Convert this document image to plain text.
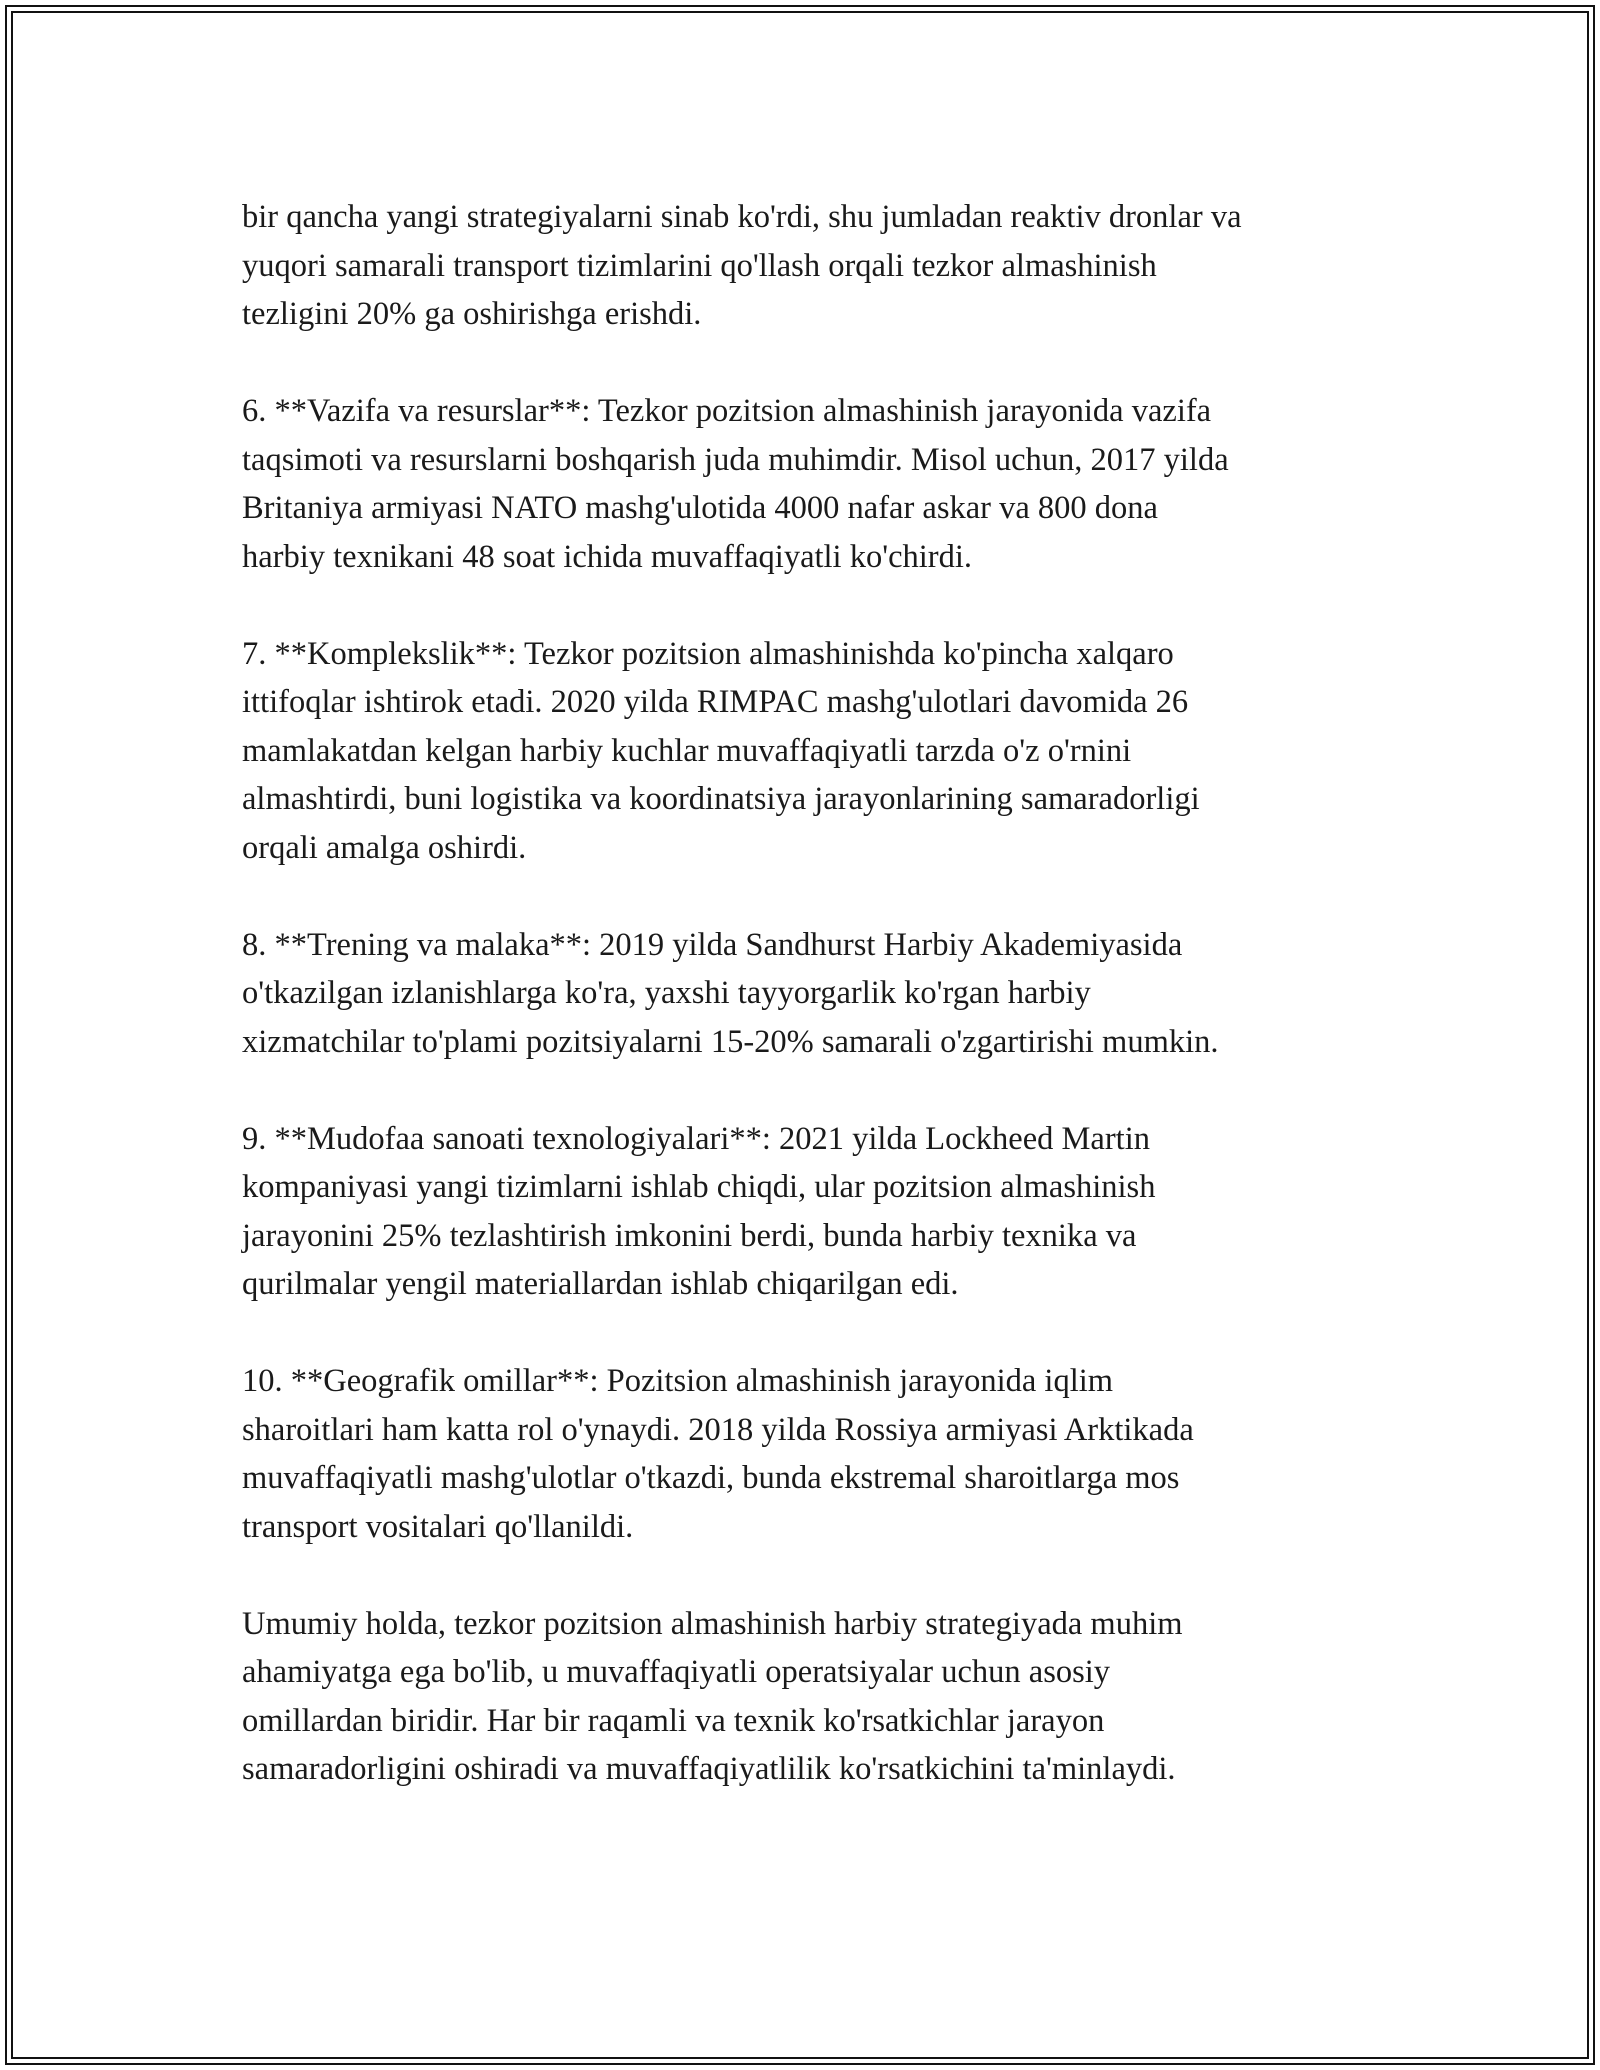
bir qancha yangi strategiyalarni sinab ko'rdi, shu jumladan reaktiv dronlar va
yuqori samarali transport tizimlarini qo'llash orqali tezkor almashinish
tezligini 20% ga oshirishga erishdi.

6. **Vazifa va resurslar**: Tezkor pozitsion almashinish jarayonida vazifa
taqsimoti va resurslarni boshqarish juda muhimdir. Misol uchun, 2017 yilda
Britaniya armiyasi NATO mashg'ulotida 4000 nafar askar va 800 dona
harbiy texnikani 48 soat ichida muvaffaqiyatli ko'chirdi.

7. **Komplekslik**: Tezkor pozitsion almashinishda ko'pincha xalqaro
ittifoqlar ishtirok etadi. 2020 yilda RIMPAC mashg'ulotlari davomida 26
mamlakatdan kelgan harbiy kuchlar muvaffaqiyatli tarzda o'z o'rnini
almashtirdi, buni logistika va koordinatsiya jarayonlarining samaradorligi
orqali amalga oshirdi.

8. **Trening va malaka**: 2019 yilda Sandhurst Harbiy Akademiyasida
o'tkazilgan izlanishlarga ko'ra, yaxshi tayyorgarlik ko'rgan harbiy
xizmatchilar to'plami pozitsiyalarni 15-20% samarali o'zgartirishi mumkin.

9. **Mudofaa sanoati texnologiyalari**: 2021 yilda Lockheed Martin
kompaniyasi yangi tizimlarni ishlab chiqdi, ular pozitsion almashinish
jarayonini 25% tezlashtirish imkonini berdi, bunda harbiy texnika va
qurilmalar yengil materiallardan ishlab chiqarilgan edi.

10. **Geografik omillar**: Pozitsion almashinish jarayonida iqlim
sharoitlari ham katta rol o'ynaydi. 2018 yilda Rossiya armiyasi Arktikada
muvaffaqiyatli mashg'ulotlar o'tkazdi, bunda ekstremal sharoitlarga mos
transport vositalari qo'llanildi.

Umumiy holda, tezkor pozitsion almashinish harbiy strategiyada muhim
ahamiyatga ega bo'lib, u muvaffaqiyatli operatsiyalar uchun asosiy
omillardan biridir. Har bir raqamli va texnik ko'rsatkichlar jarayon
samaradorligini oshiradi va muvaffaqiyatlilik ko'rsatkichini ta'minlaydi.
